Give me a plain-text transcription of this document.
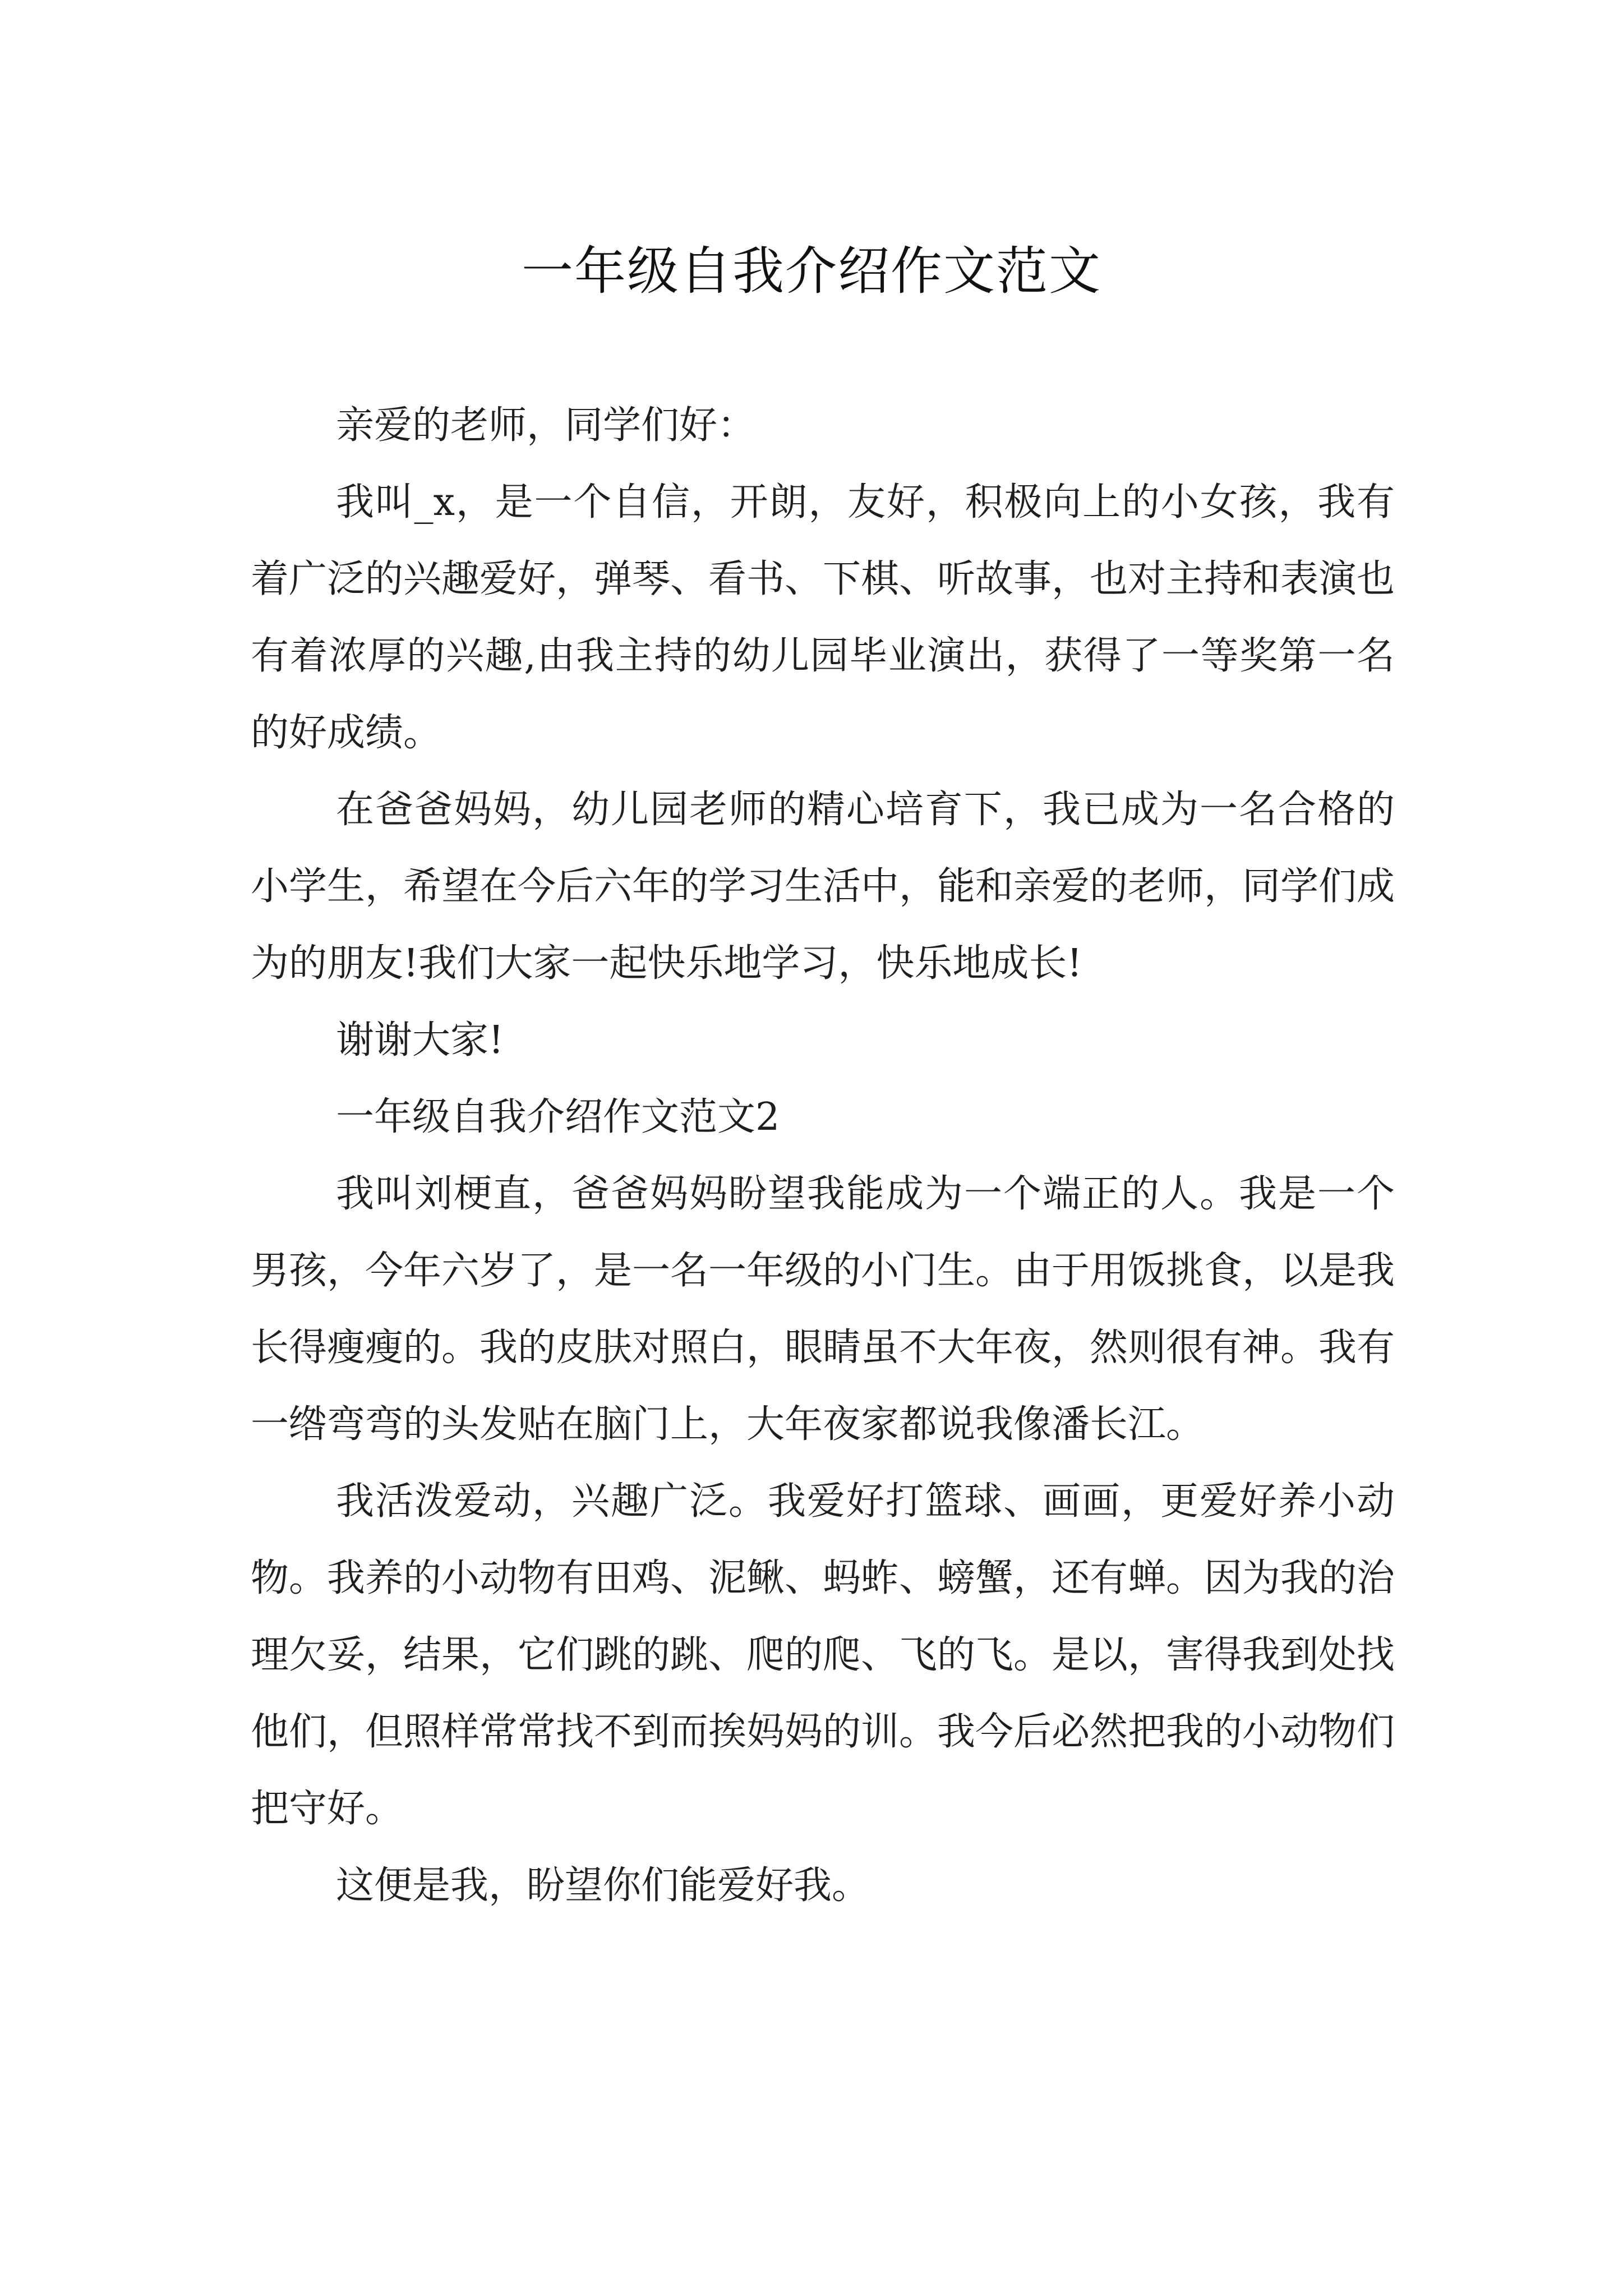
一年级自我介绍作文范文

亲爱的老师，同学们好：

我叫_x，是一个自信，开朗，友好，积极向上的小女孩，我有着广泛的兴趣爱好，弹琴、看书、下棋、听故事，也对主持和表演也有着浓厚的兴趣,由我主持的幼儿园毕业演出，获得了一等奖第一名的好成绩。

在爸爸妈妈，幼儿园老师的精心培育下，我已成为一名合格的小学生，希望在今后六年的学习生活中，能和亲爱的老师，同学们成为的朋友!我们大家一起快乐地学习，快乐地成长!

谢谢大家!

一年级自我介绍作文范文2

我叫刘梗直，爸爸妈妈盼望我能成为一个端正的人。我是一个男孩，今年六岁了，是一名一年级的小门生。由于用饭挑食，以是我长得瘦瘦的。我的皮肤对照白，眼睛虽不大年夜，然则很有神。我有一绺弯弯的头发贴在脑门上，大年夜家都说我像潘长江。

我活泼爱动，兴趣广泛。我爱好打篮球、画画，更爱好养小动物。我养的小动物有田鸡、泥鳅、蚂蚱、螃蟹，还有蝉。因为我的治理欠妥，结果，它们跳的跳、爬的爬、飞的飞。是以，害得我到处找他们，但照样常常找不到而挨妈妈的训。我今后必然把我的小动物们把守好。

这便是我，盼望你们能爱好我。
